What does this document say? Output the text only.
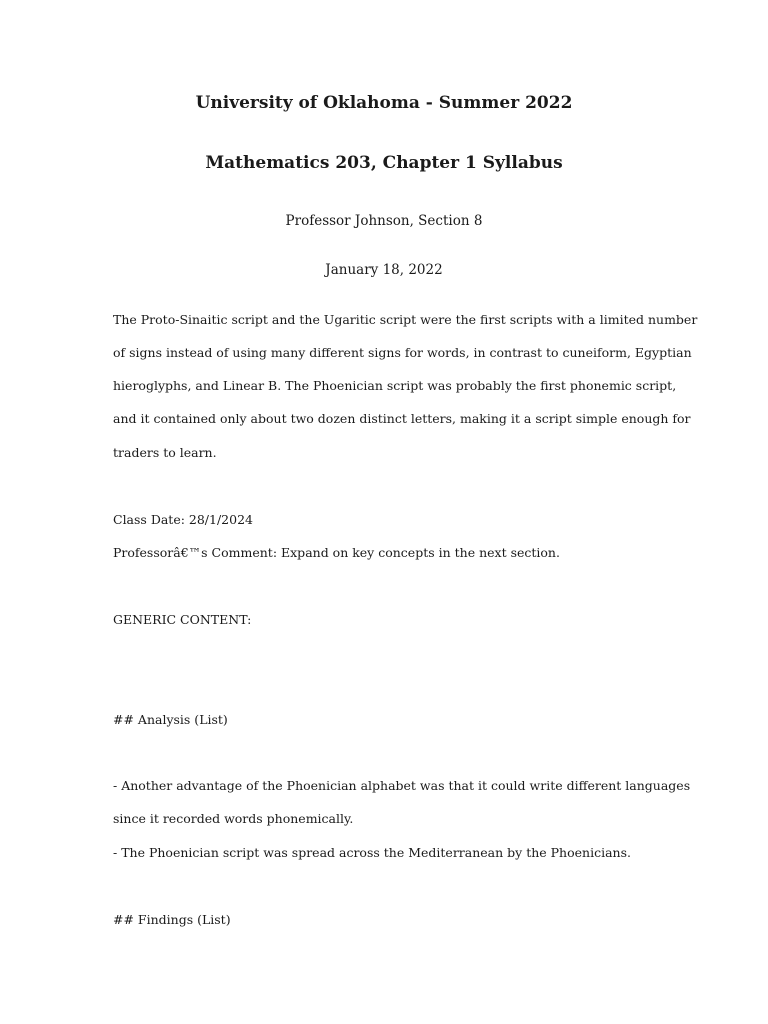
University of Oklahoma - Summer 2022
Mathematics 203, Chapter 1 Syllabus
Professor Johnson, Section 8
January 18, 2022
The Proto-Sinaitic script and the Ugaritic script were the first scripts with a limited number
of signs instead of using many different signs for words, in contrast to cuneiform, Egyptian
hieroglyphs, and Linear B. The Phoenician script was probably the first phonemic script,
and it contained only about two dozen distinct letters, making it a script simple enough for
traders to learn.
Class Date: 28/1/2024
Professorâ€™s Comment: Expand on key concepts in the next section.
GENERIC CONTENT:
## Analysis (List)
- Another advantage of the Phoenician alphabet was that it could write different languages
since it recorded words phonemically.
- The Phoenician script was spread across the Mediterranean by the Phoenicians.
## Findings (List)
